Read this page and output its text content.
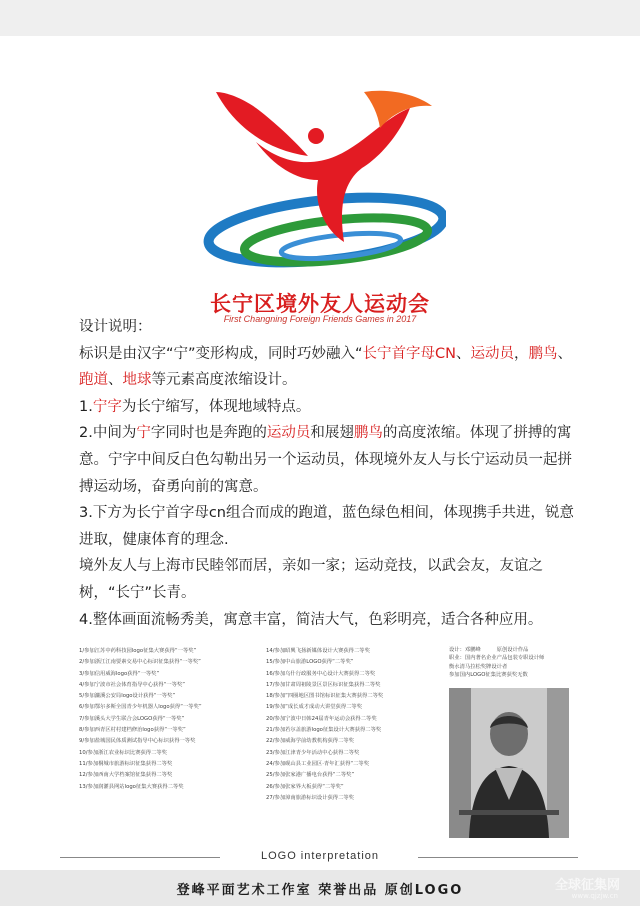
长宁区境外友人运动会
First Changning Foreign Friends Games in 2017

设计说明：

标识是由汉字“宁”变形构成，同时巧妙融入“长宁首字母CN、运动员，鹏鸟、跑道、地球等元素高度浓缩设计。

1.宁字为长宁缩写，体现地域特点。

2.中间为宁字同时也是奔跑的运动员和展翅鹏鸟的高度浓缩。体现了拼搏的寓意。宁字中间反白色勾勒出另一个运动员，体现境外友人与长宁运动员一起拼搏运动场，奋勇向前的寓意。

3.下方为长宁首字母cn组合而成的跑道，蓝色绿色相间，体现携手共进，锐意进取，健康体育的理念.

境外友人与上海市民睦邻而居，亲如一家；运动竞技，以武会友，友谊之树，“长宁”长青。

4.整体画面流畅秀美，寓意丰富，简洁大气，色彩明亮，适合各种应用。

1/参加江苏中药科技园logo征集大赛获得“一等奖”
2/参加浙江江南要素交易中心标识征集获得“一等奖”
3/参加信用威海logo获得“一等奖”
4/参加宁波市社会体育指导中心获得“一等奖”
5/参加濂溪公安局logo设计获得“一等奖”
6/参加鄂尔多斯全国青少年机器人logo获得“一等奖”
7/参加溪头大学生联合会LOGO获得“一等奖”
8/参加西青区村村建档修治logo获得“一等奖”
9/参加盐城国民体质测试指导中心标识获得一等奖
10/参加浙江农业标识比赛获得二等奖
11/参加桐城市旅游标识征集获得二等奖
12/参加西南大学档案馆征集获得二等奖
13/参加润灌县网站logo征集大赛获得二等奖
14/参加昭興飞扬新媒体设计大赛获得二等奖
15/参加中山旅游LOGO获得“二等奖”
16/参加乌什行政服务中心设计大赛获得二等奖
17/参加甘肃周祖陵景区景区标识征集获得二等奖
18/参加“四圈地区图书馆标识征集大赛获得二等奖
19/参加“成长成才成动大讲堂获得二等奖
20/参加宁波中日韩24届青年运动会获得二等奖
21/参加若尔盖旅游logo征集设计大赛获得二等奖
22/参加威海学前幼教机构获得二等奖
23/参加江津青少年活动中心获得二等奖
24/参加砚山县工业园区·青年汇获得“二等奖
25/参加张家港广播电台获得“二等奖”
26/参加张家界大板获得“二等奖”
27/参加漳南旅游标识设计获得二等奖
设计：邓鹏峰　　　原创设计作品
职业：国内著名企业产品包装专职设计师
衡水清马拉松奖牌设计者
参加国内LOGO征集比赛获奖无数
LOGO interpretation
登峰平面艺术工作室 荣誉出品 原创LOGO	全球征集网
www.qjzjw.cn
